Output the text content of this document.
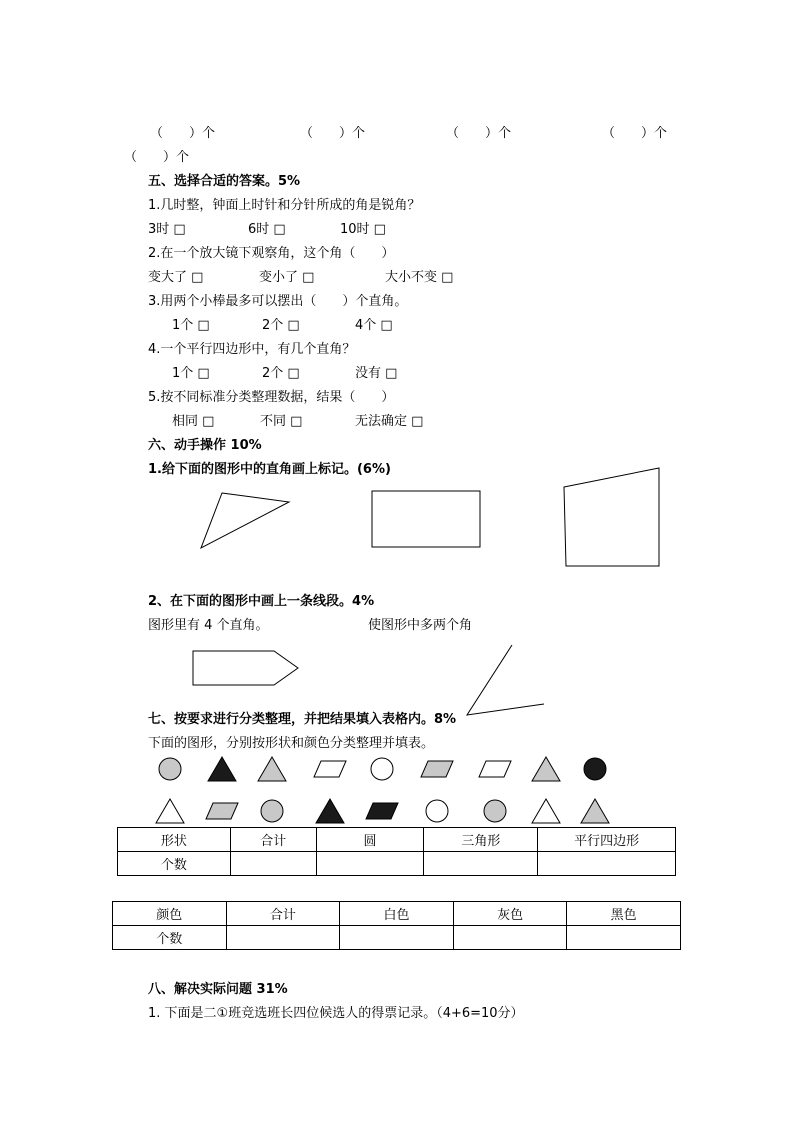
（　　）个	（　　）个	（　　）个	（　　）个
（　　）个
五、选择合适的答案。5%
1.几时整，钟面上时针和分针所成的角是锐角？
3时 □	6时 □	10时 □
2.在一个放大镜下观察角，这个角（　　）
变大了 □	变小了 □	大小不变 □
3.用两个小棒最多可以摆出（　　）个直角。
1个 □	2个 □	4个 □
4.一个平行四边形中，有几个直角？
1个 □	2个 □	没有 □
5.按不同标准分类整理数据，结果（　　）
相同 □	不同 □	无法确定 □
六、动手操作 10%
1.给下面的图形中的直角画上标记。(6%)
2、在下面的图形中画上一条线段。4%
图形里有 4 个直角。	使图形中多两个角
七、按要求进行分类整理，并把结果填入表格内。8%
下面的图形，分别按形状和颜色分类整理并填表。
形状	合计	圆	三角形	平行四边形
个数				
颜色	合计	白色	灰色	黑色
个数				
八、解决实际问题 31%
1. 下面是二①班竞选班长四位候选人的得票记录。（4+6=10分）
